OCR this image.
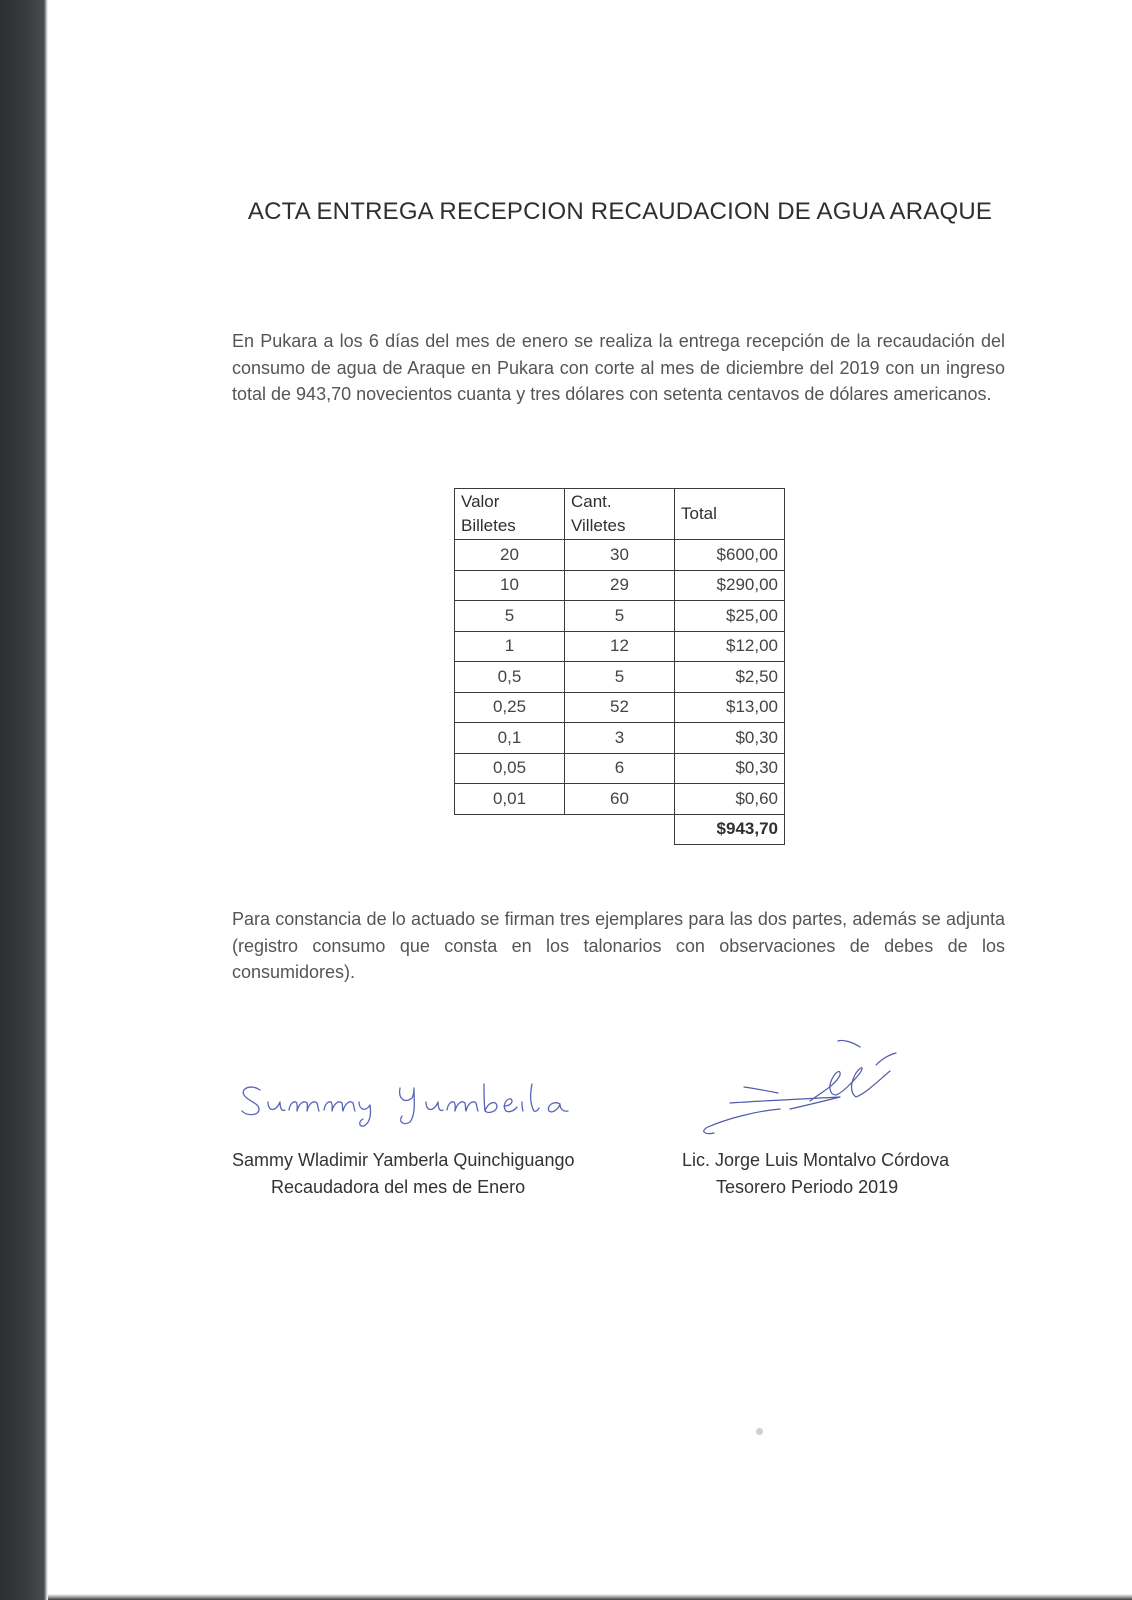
ACTA ENTREGA RECEPCION RECAUDACION DE AGUA ARAQUE

En Pukara a los 6 días del mes de enero se realiza la entrega recepción de la recaudación del consumo de agua de Araque en Pukara con corte al mes de diciembre del 2019 con un ingreso total de 943,70 novecientos cuanta y tres dólares con setenta centavos de dólares americanos.

Valor Billetes	Cant. Villetes	Total
20	30	$600,00
10	29	$290,00
5	5	$25,00
1	12	$12,00
0,5	5	$2,50
0,25	52	$13,00
0,1	3	$0,30
0,05	6	$0,30
0,01	60	$0,60
		$943,70

Para constancia de lo actuado se firman tres ejemplares para las dos partes, además se adjunta (registro consumo que consta en los talonarios con observaciones de debes de los consumidores).

Sammy Wladimir Yamberla Quinchiguango
Recaudadora del mes de Enero
Lic. Jorge Luis Montalvo Córdova
Tesorero Periodo 2019
